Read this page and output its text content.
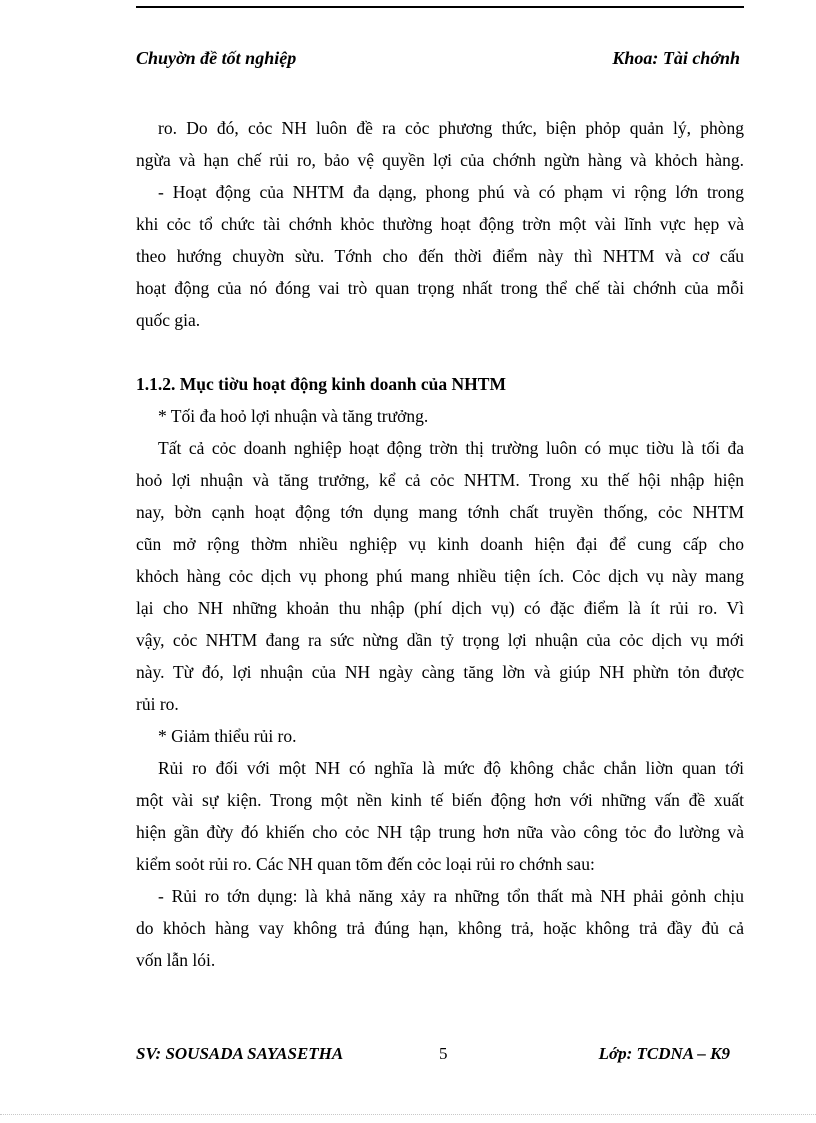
Chuyờn đề tốt nghiệp	Khoa: Tài chớnh
ro. Do đó, cỏc NH luôn đề ra cỏc phương thức, biện phỏp quản lý, phòng
ngừa và hạn chế rủi ro, bảo vệ quyền lợi của chớnh ngừn hàng và khỏch hàng.
- Hoạt động của NHTM đa dạng, phong phú và có phạm vi rộng lớn trong
khi cỏc tổ chức tài chớnh khỏc thường hoạt động trờn một vài lĩnh vực hẹp và
theo hướng chuyờn sừu. Tớnh cho đến thời điểm này thì NHTM và cơ cấu
hoạt động của nó đóng vai trò quan trọng nhất trong thể chế tài chớnh của mỗi
quốc gia.
1.1.2. Mục tiờu hoạt động kinh doanh của NHTM
* Tối đa hoỏ lợi nhuận và tăng trưởng.
Tất cả cỏc doanh nghiệp hoạt động trờn thị trường luôn có mục tiờu là tối đa
hoỏ lợi nhuận và tăng trưởng, kể cả cỏc NHTM. Trong xu thế hội nhập hiện
nay, bờn cạnh hoạt động tớn dụng mang tớnh chất truyền thống, cỏc NHTM
cũn mở rộng thờm nhiều nghiệp vụ kinh doanh hiện đại để cung cấp cho
khỏch hàng cỏc dịch vụ phong phú mang nhiều tiện ích. Cỏc dịch vụ này mang
lại cho NH những khoản thu nhập (phí dịch vụ) có đặc điểm là ít rủi ro. Vì
vậy, cỏc NHTM đang ra sức nừng dần tỷ trọng lợi nhuận của cỏc dịch vụ mới
này. Từ đó, lợi nhuận của NH ngày càng tăng lờn và giúp NH phừn tỏn được
rủi ro.
* Giảm thiểu rủi ro.
Rủi ro đối với một NH có nghĩa là mức độ không chắc chắn liờn quan tới
một vài sự kiện. Trong một nền kinh tế biến động hơn với những vấn đề xuất
hiện gần đừy đó khiến cho cỏc NH tập trung hơn nữa vào công tỏc đo lường và
kiểm soỏt rủi ro. Các NH quan tõm đến cỏc loại rủi ro chớnh sau:
- Rủi ro tớn dụng: là khả năng xảy ra những tổn thất mà NH phải gỏnh chịu
do khỏch hàng vay không trả đúng hạn, không trả, hoặc không trả đầy đủ cả
vốn lẫn lói.
SV: SOUSADA SAYASETHA	5	Lớp: TCDNA – K9
